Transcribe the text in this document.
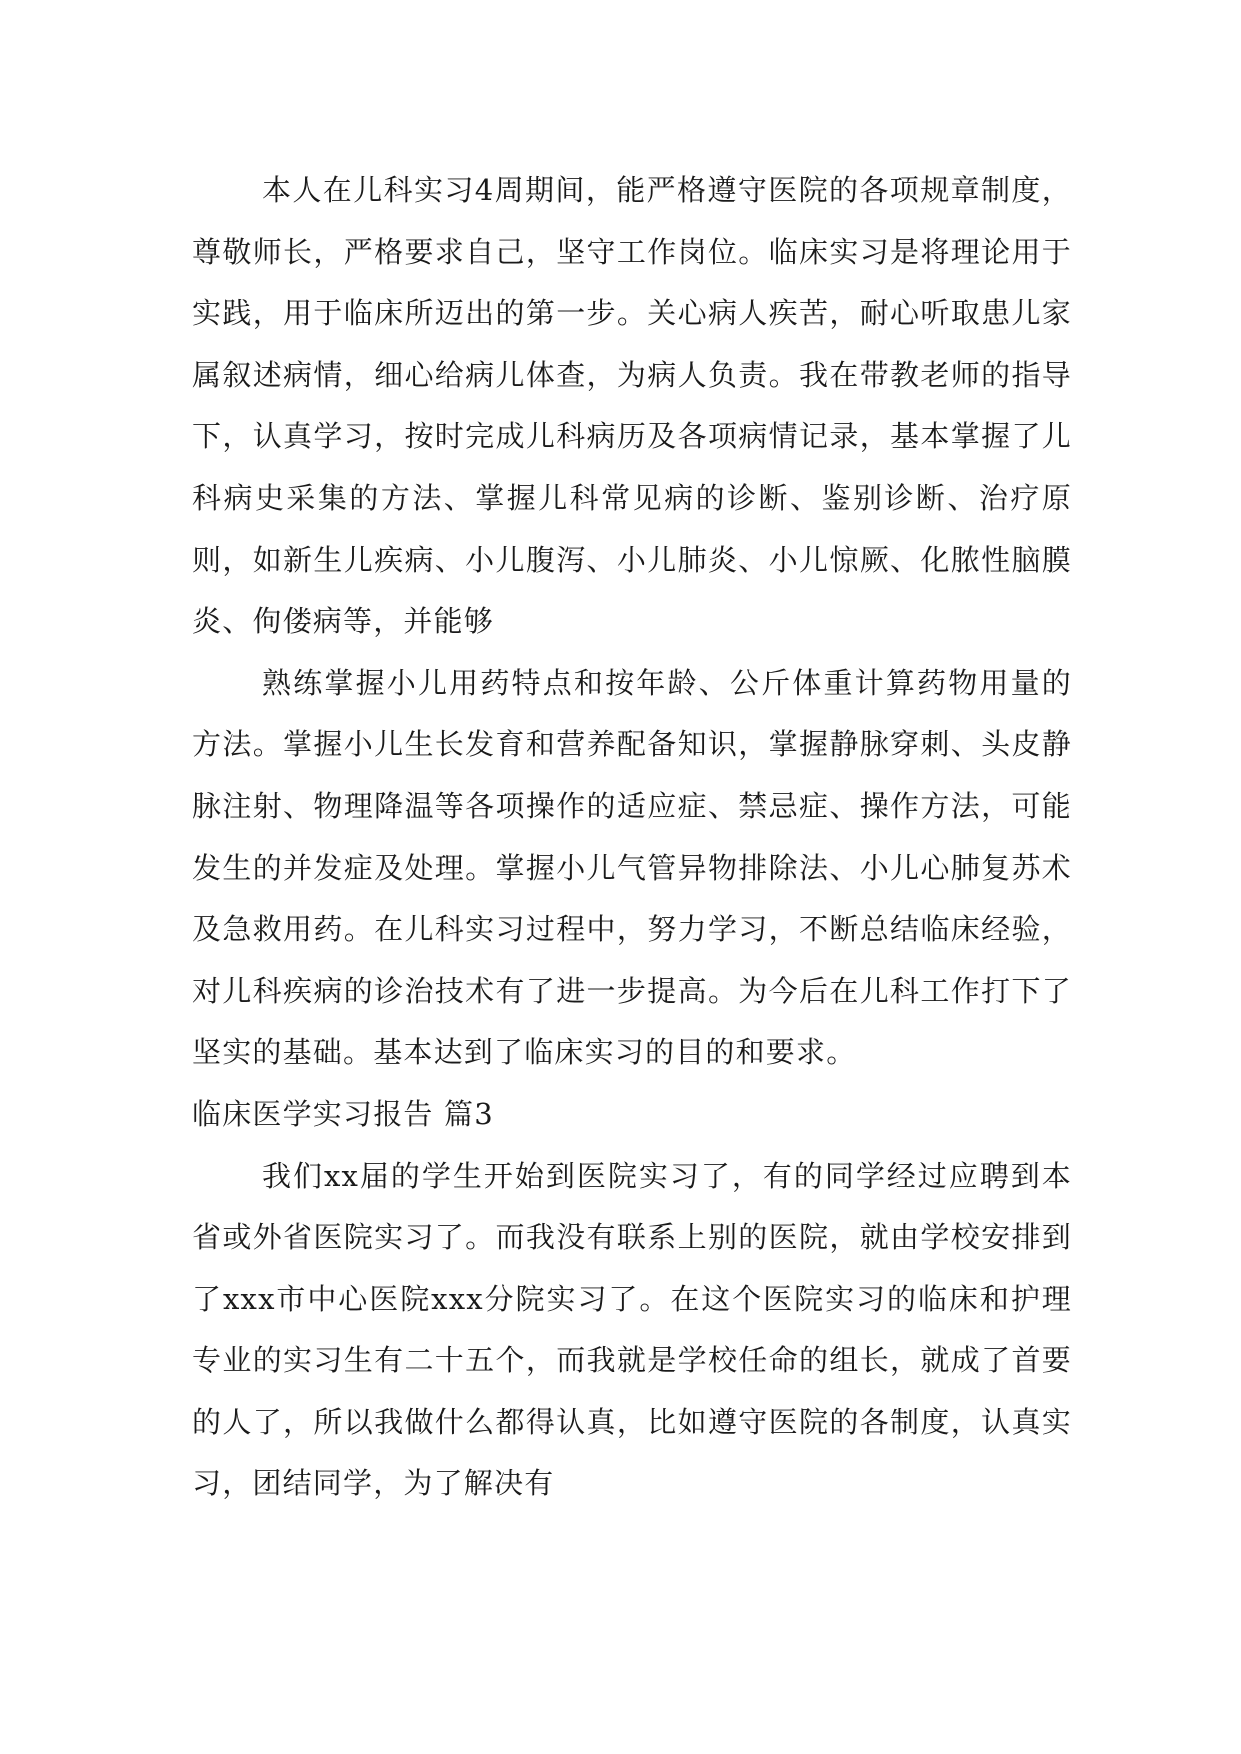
本人在儿科实习4周期间，能严格遵守医院的各项规章制度，尊敬师长，严格要求自己，坚守工作岗位。临床实习是将理论用于实践，用于临床所迈出的第一步。关心病人疾苦，耐心听取患儿家属叙述病情，细心给病儿体查，为病人负责。我在带教老师的指导下，认真学习，按时完成儿科病历及各项病情记录，基本掌握了儿科病史采集的方法、掌握儿科常见病的诊断、鉴别诊断、治疗原则，如新生儿疾病、小儿腹泻、小儿肺炎、小儿惊厥、化脓性脑膜炎、佝偻病等，并能够

熟练掌握小儿用药特点和按年龄、公斤体重计算药物用量的方法。掌握小儿生长发育和营养配备知识，掌握静脉穿刺、头皮静脉注射、物理降温等各项操作的适应症、禁忌症、操作方法，可能发生的并发症及处理。掌握小儿气管异物排除法、小儿心肺复苏术及急救用药。在儿科实习过程中，努力学习，不断总结临床经验，对儿科疾病的诊治技术有了进一步提高。为今后在儿科工作打下了坚实的基础。基本达到了临床实习的目的和要求。

临床医学实习报告 篇3

我们xx届的学生开始到医院实习了，有的同学经过应聘到本省或外省医院实习了。而我没有联系上别的医院，就由学校安排到了xxx市中心医院xxx分院实习了。在这个医院实习的临床和护理专业的实习生有二十五个，而我就是学校任命的组长，就成了首要的人了，所以我做什么都得认真，比如遵守医院的各制度，认真实习，团结同学，为了解决有
